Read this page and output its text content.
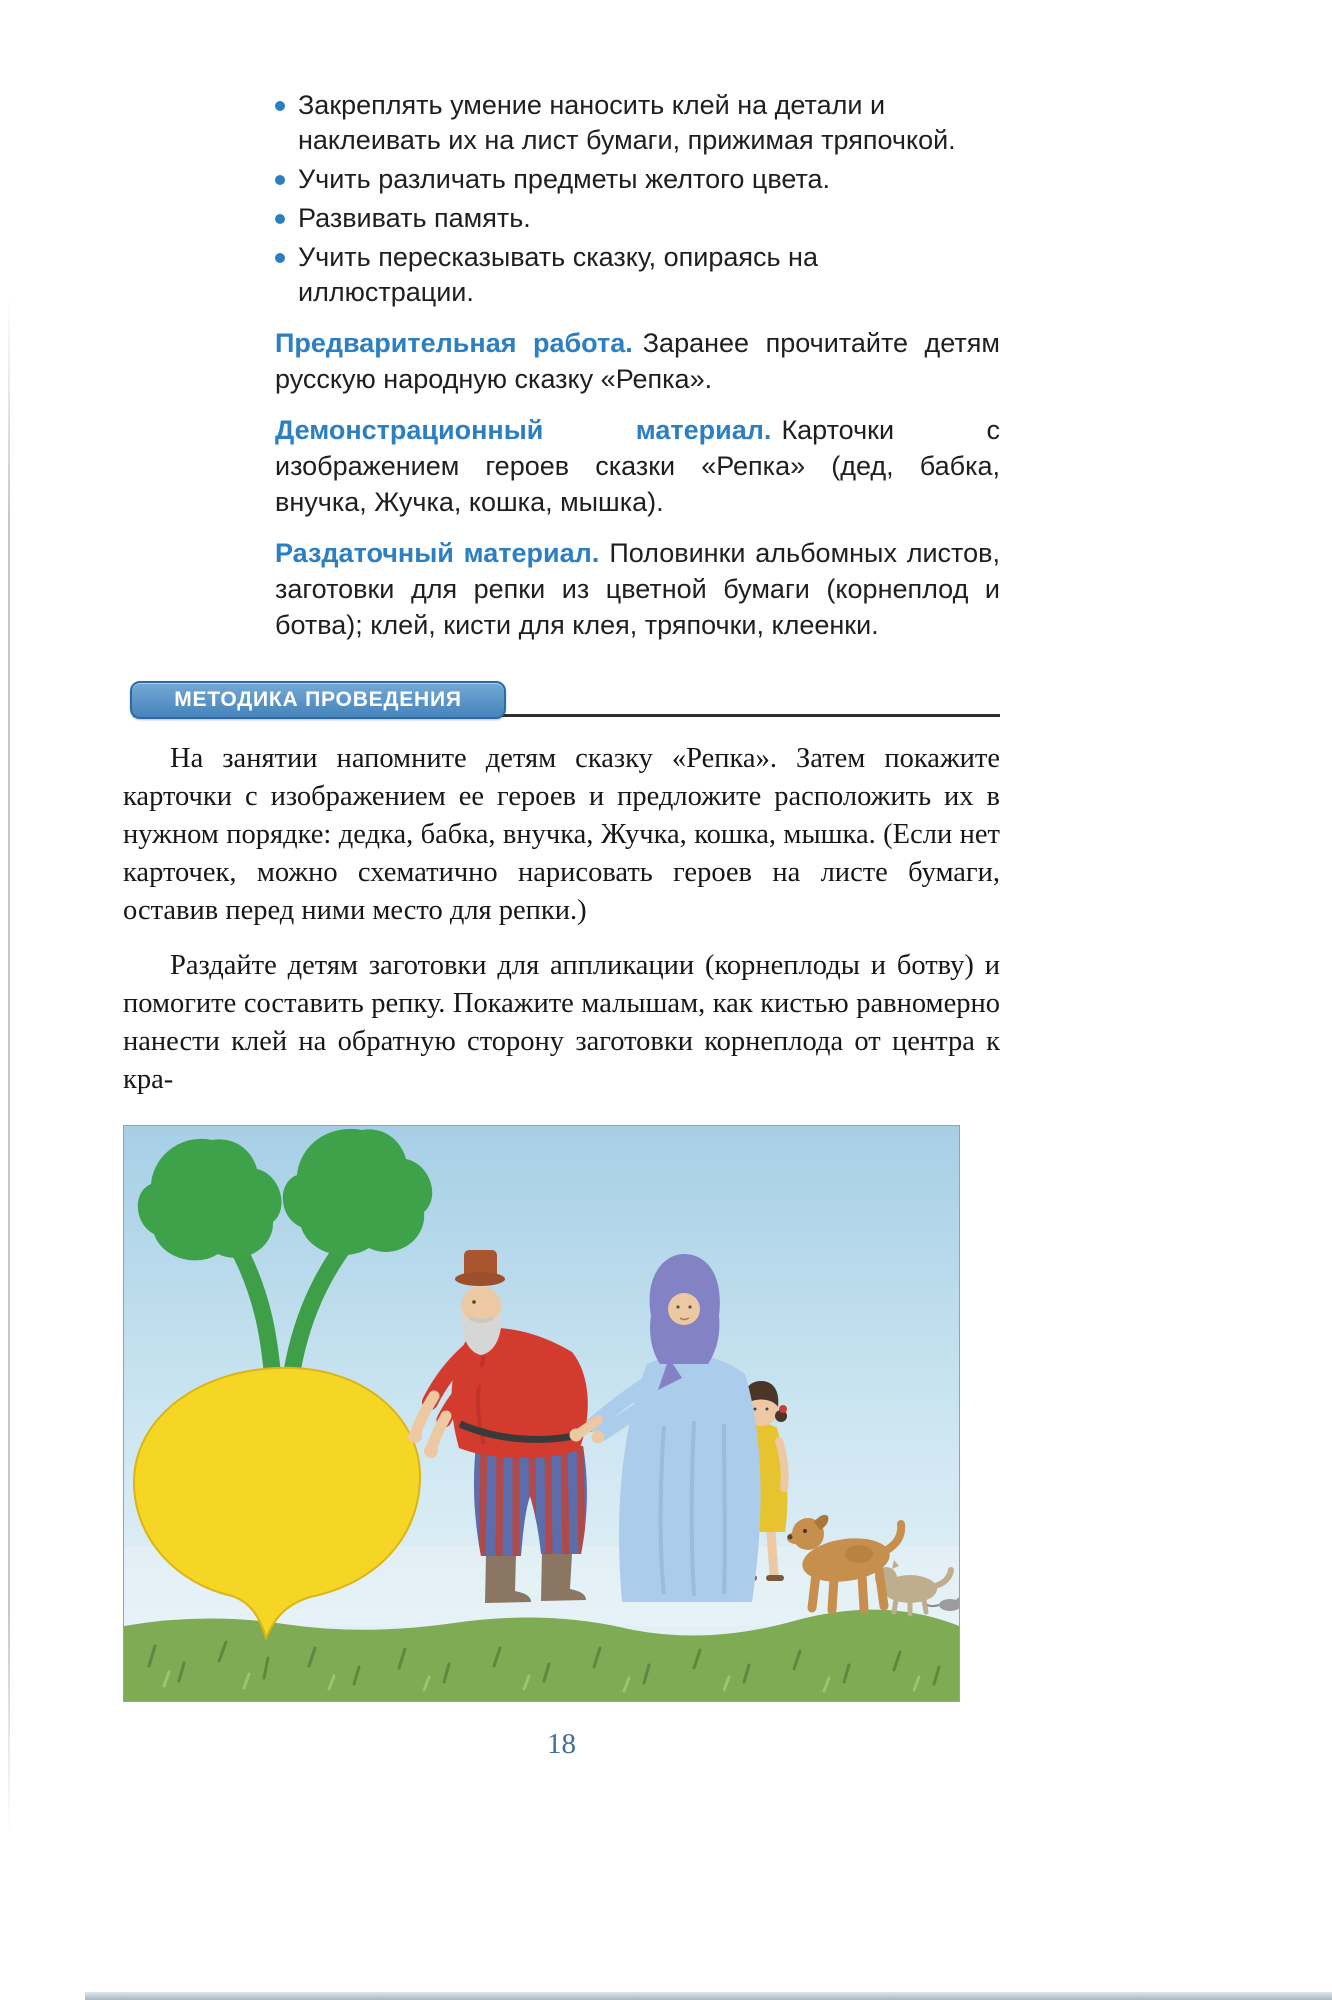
Закреплять умение наносить клей на детали и наклеивать их на лист бумаги, прижимая тряпочкой.
Учить различать предметы желтого цвета.
Развивать память.
Учить пересказывать сказку, опираясь на иллюстрации.

Предварительная работа. Заранее прочитайте детям русскую народную сказку «Репка».

Демонстрационный материал. Карточки с изображением героев сказки «Репка» (дед, бабка, внучка, Жучка, кошка, мышка).

Раздаточный материал. Половинки альбомных листов, заготовки для репки из цветной бумаги (корнеплод и ботва); клей, кисти для клея, тряпочки, клеенки.

МЕТОДИКА ПРОВЕДЕНИЯ

На занятии напомните детям сказку «Репка». Затем покажите карточки с изображением ее героев и предложите расположить их в нужном порядке: дедка, бабка, внучка, Жучка, кошка, мышка. (Если нет карточек, можно схематично нарисовать героев на листе бумаги, оставив перед ними место для репки.)

Раздайте детям заготовки для аппликации (корнеплоды и ботву) и помогите составить репку. Покажите малышам, как кистью равномерно нанести клей на обратную сторону заготовки корнеплода от центра к кра-

18
